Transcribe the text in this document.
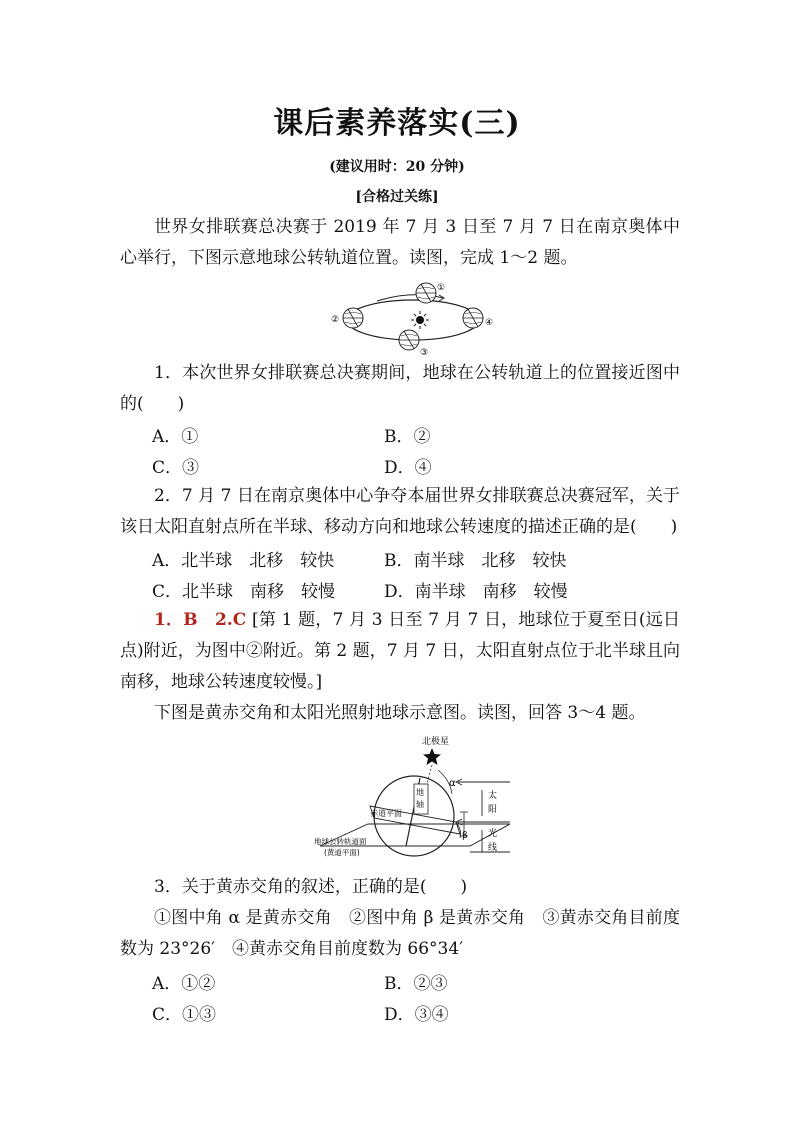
课后素养落实(三)
(建议用时：20 分钟)
[合格过关练]
世界女排联赛总决赛于 2019 年 7 月 3 日至 7 月 7 日在南京奥体中心举行，下图示意地球公转轨道位置。读图，完成 1～2 题。
①
②
③
④
1．本次世界女排联赛总决赛期间，地球在公转轨道上的位置接近图中的(　　)
A．①	B．②
C．③	D．④
2．7 月 7 日在南京奥体中心争夺本届世界女排联赛总决赛冠军，关于该日太阳直射点所在半球、移动方向和地球公转速度的描述正确的是(　　)
A．北半球　北移　较快	B．南半球　北移　较快
C．北半球　南移　较慢	D．南半球　南移　较慢
1．B　2.C [第 1 题，7 月 3 日至 7 月 7 日，地球位于夏至日(远日点)附近，为图中②附近。第 2 题，7 月 7 日，太阳直射点位于北半球且向南移，地球公转速度较慢。]
下图是黄赤交角和太阳光照射地球示意图。读图，回答 3～4 题。
北极星
α
地
轴
赤道平面
β
太
阳
光
线
地球公转轨道面
(黄道平面)
3．关于黄赤交角的叙述，正确的是(　　)
①图中角 α 是黄赤交角　②图中角 β 是黄赤交角　③黄赤交角目前度数为 23°26′　④黄赤交角目前度数为 66°34′
A．①②	B．②③
C．①③	D．③④
